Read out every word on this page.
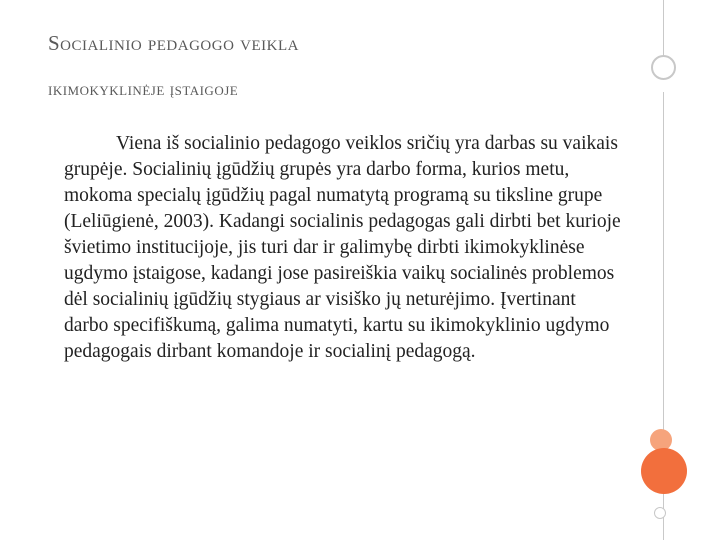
Socialinio pedagogo veikla
ikimokyklinėje įstaigoje

Viena iš socialinio pedagogo veiklos sričių yra darbas su vaikais grupėje. Socialinių įgūdžių grupės yra darbo forma, kurios metu, mokoma specialų įgūdžių pagal numatytą programą su tiksline grupe (Leliūgienė, 2003). Kadangi socialinis pedagogas gali dirbti bet kurioje švietimo institucijoje, jis turi dar ir galimybę dirbti ikimokyklinėse ugdymo įstaigose, kadangi jose pasireiškia vaikų socialinės problemos dėl socialinių įgūdžių stygiaus ar visiško jų neturėjimo. Įvertinant darbo specifiškumą, galima numatyti, kartu su ikimokyklinio ugdymo pedagogais dirbant komandoje ir socialinį pedagogą.
